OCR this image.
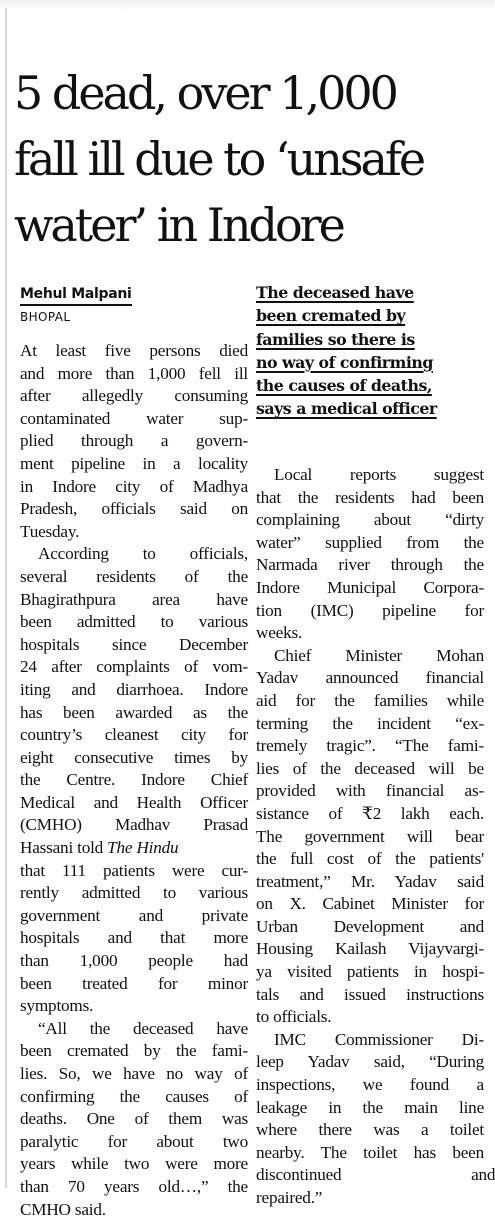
5 dead, over 1,000
fall ill due to ‘unsafe
water’ in Indore
Mehul Malpani
BHOPAL

The deceased have
been cremated by
families so there is
no way of confirming
the causes of deaths,
says a medical officer

At least five persons died
and more than 1,000 fell ill
after allegedly consuming
contaminated water sup-
plied through a govern-
ment pipeline in a locality
in Indore city of Madhya
Pradesh, officials said on
Tuesday.
According to officials,
several residents of the
Bhagirathpura area have
been admitted to various
hospitals since December
24 after complaints of vom-
iting and diarrhoea. Indore
has been awarded as the
country’s cleanest city for
eight consecutive times by
the Centre. Indore Chief
Medical and Health Officer
(CMHO) Madhav Prasad
Hassani told The Hindu
that 111 patients were cur-
rently admitted to various
government and private
hospitals and that more
than 1,000 people had
been treated for minor
symptoms.
“All the deceased have
been cremated by the fami-
lies. So, we have no way of
confirming the causes of
deaths. One of them was
paralytic for about two
years while two were more
than 70 years old…,” the
CMHO said.
Local reports suggest
that the residents had been
complaining about “dirty
water” supplied from the
Narmada river through the
Indore Municipal Corpora-
tion (IMC) pipeline for
weeks.
Chief Minister Mohan
Yadav announced financial
aid for the families while
terming the incident “ex-
tremely tragic”. “The fami-
lies of the deceased will be
provided with financial as-
sistance of ₹2 lakh each.
The government will bear
the full cost of the patients'
treatment,” Mr. Yadav said
on X. Cabinet Minister for
Urban Development and
Housing Kailash Vijayvargi-
ya visited patients in hospi-
tals and issued instructions
to officials.
IMC Commissioner Di-
leep Yadav said, “During
inspections, we found a
leakage in the main line
where there was a toilet
nearby. The toilet has been
discontinued and
repaired.”
